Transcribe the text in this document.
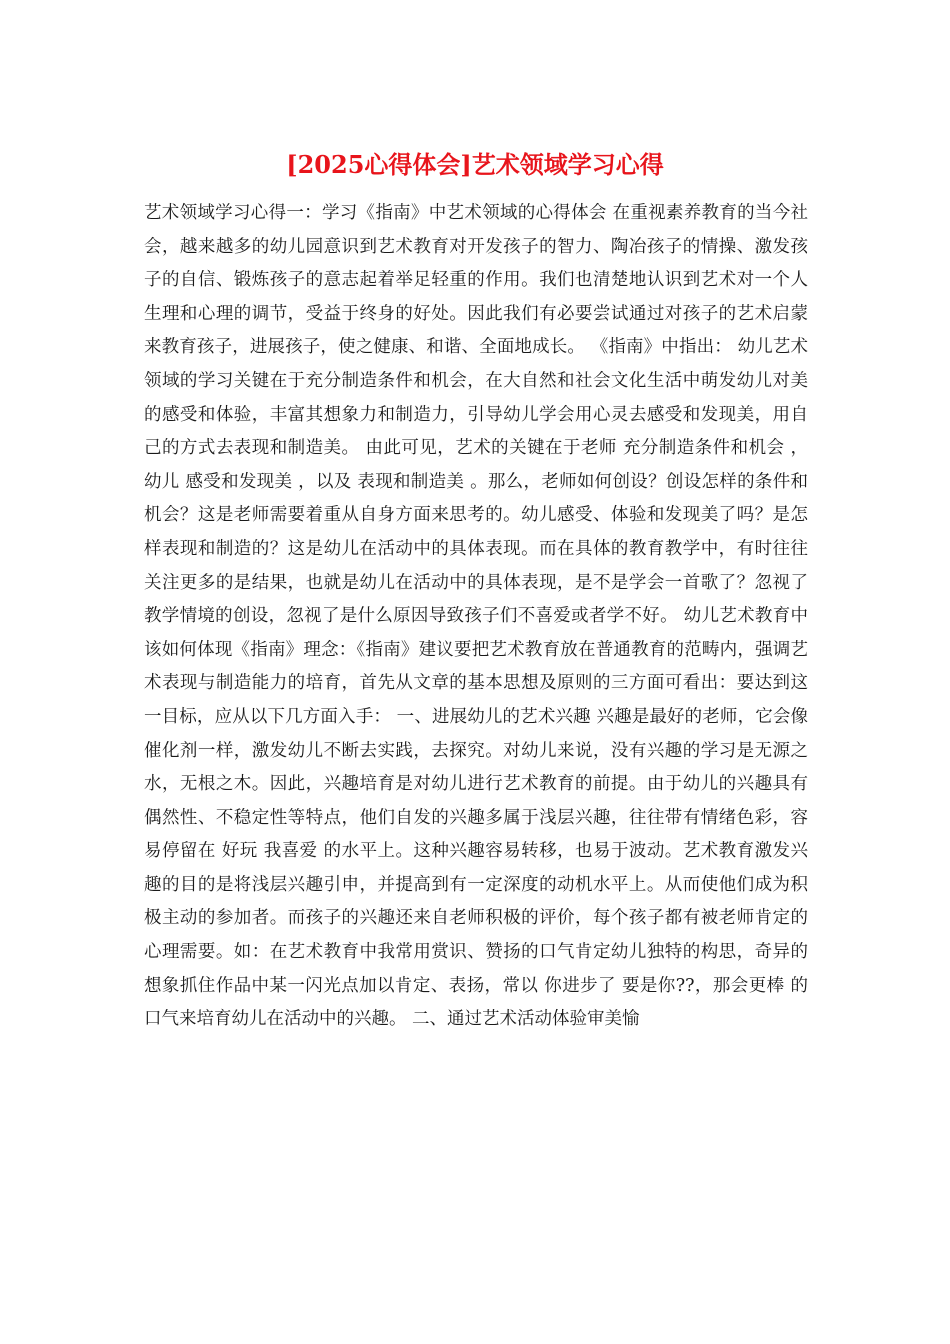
[2025心得体会]艺术领域学习心得

艺术领域学习心得一：学习《指南》中艺术领域的心得体会 在重视素养教育的当今社会，越来越多的幼儿园意识到艺术教育对开发孩子的智力、陶冶孩子的情操、激发孩子的自信、锻炼孩子的意志起着举足轻重的作用。我们也清楚地认识到艺术对一个人生理和心理的调节，受益于终身的好处。因此我们有必要尝试通过对孩子的艺术启蒙来教育孩子，进展孩子，使之健康、和谐、全面地成长。 《指南》中指出： 幼儿艺术领域的学习关键在于充分制造条件和机会，在大自然和社会文化生活中萌发幼儿对美的感受和体验，丰富其想象力和制造力，引导幼儿学会用心灵去感受和发现美，用自己的方式去表现和制造美。 由此可见，艺术的关键在于老师 充分制造条件和机会 ，幼儿 感受和发现美 ，以及 表现和制造美 。那么，老师如何创设？创设怎样的条件和机会？这是老师需要着重从自身方面来思考的。幼儿感受、体验和发现美了吗？是怎样表现和制造的？这是幼儿在活动中的具体表现。而在具体的教育教学中，有时往往关注更多的是结果，也就是幼儿在活动中的具体表现，是不是学会一首歌了？忽视了教学情境的创设，忽视了是什么原因导致孩子们不喜爱或者学不好。 幼儿艺术教育中该如何体现《指南》理念：《指南》建议要把艺术教育放在普通教育的范畴内，强调艺术表现与制造能力的培育，首先从文章的基本思想及原则的三方面可看出：要达到这一目标，应从以下几方面入手： 一、进展幼儿的艺术兴趣 兴趣是最好的老师，它会像催化剂一样，激发幼儿不断去实践，去探究。对幼儿来说，没有兴趣的学习是无源之水，无根之木。因此，兴趣培育是对幼儿进行艺术教育的前提。由于幼儿的兴趣具有偶然性、不稳定性等特点，他们自发的兴趣多属于浅层兴趣，往往带有情绪色彩，容易停留在 好玩 我喜爱 的水平上。这种兴趣容易转移，也易于波动。艺术教育激发兴趣的目的是将浅层兴趣引申，并提高到有一定深度的动机水平上。从而使他们成为积极主动的参加者。而孩子的兴趣还来自老师积极的评价，每个孩子都有被老师肯定的心理需要。如：在艺术教育中我常用赏识、赞扬的口气肯定幼儿独特的构思，奇异的想象抓住作品中某一闪光点加以肯定、表扬，常以 你进步了 要是你??，那会更棒 的口气来培育幼儿在活动中的兴趣。 二、通过艺术活动体验审美愉
